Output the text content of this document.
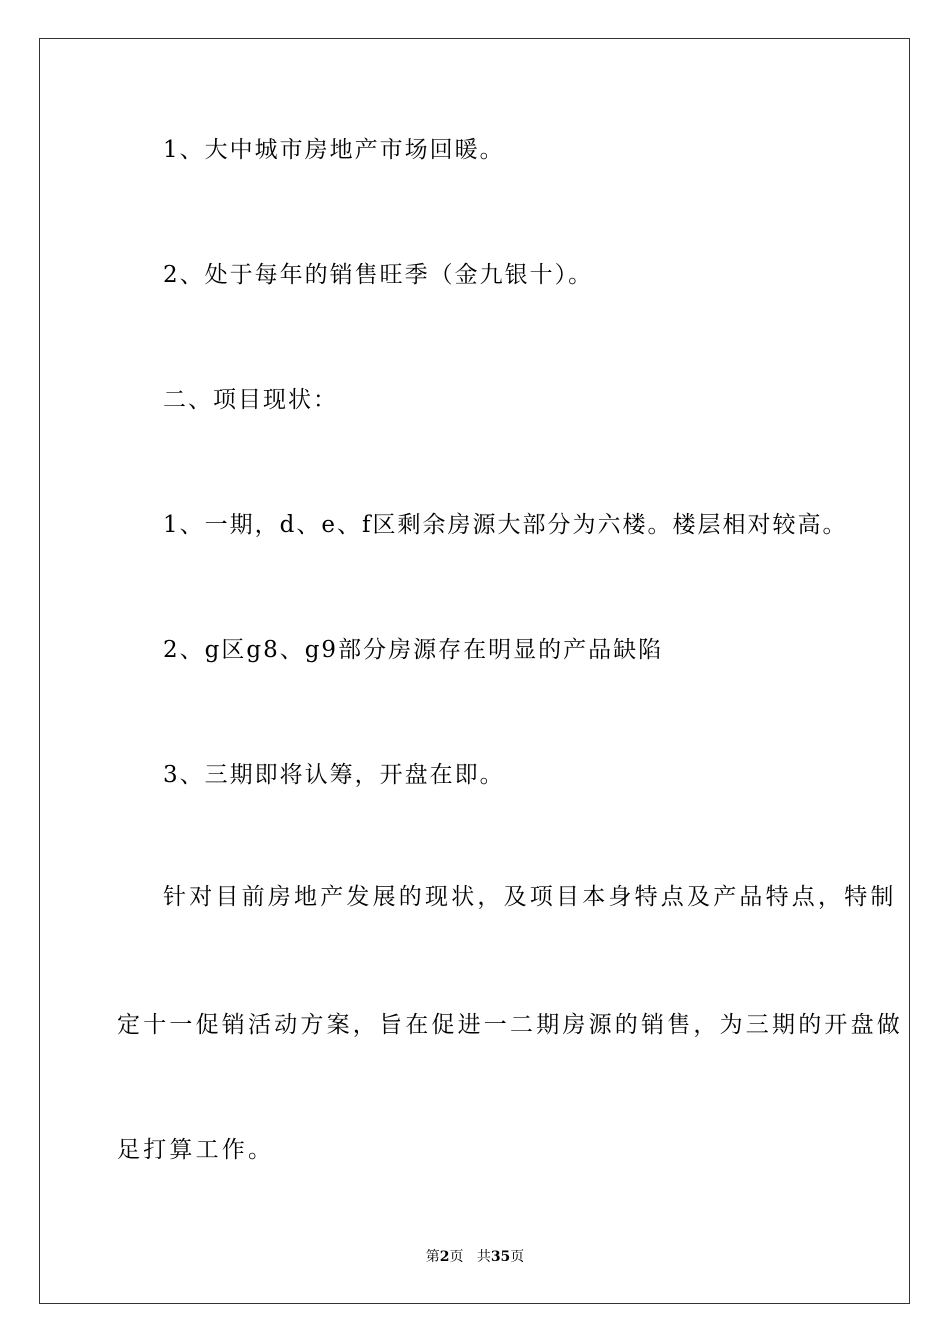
1、大中城市房地产市场回暖。
2、处于每年的销售旺季（金九银十）。
二、项目现状：
1、一期，d、e、f区剩余房源大部分为六楼。楼层相对较高。
2、g区g8、g9部分房源存在明显的产品缺陷
3、三期即将认筹，开盘在即。
针对目前房地产发展的现状，及项目本身特点及产品特点，特制
定十一促销活动方案，旨在促进一二期房源的销售，为三期的开盘做
足打算工作。
第2页 共35页
